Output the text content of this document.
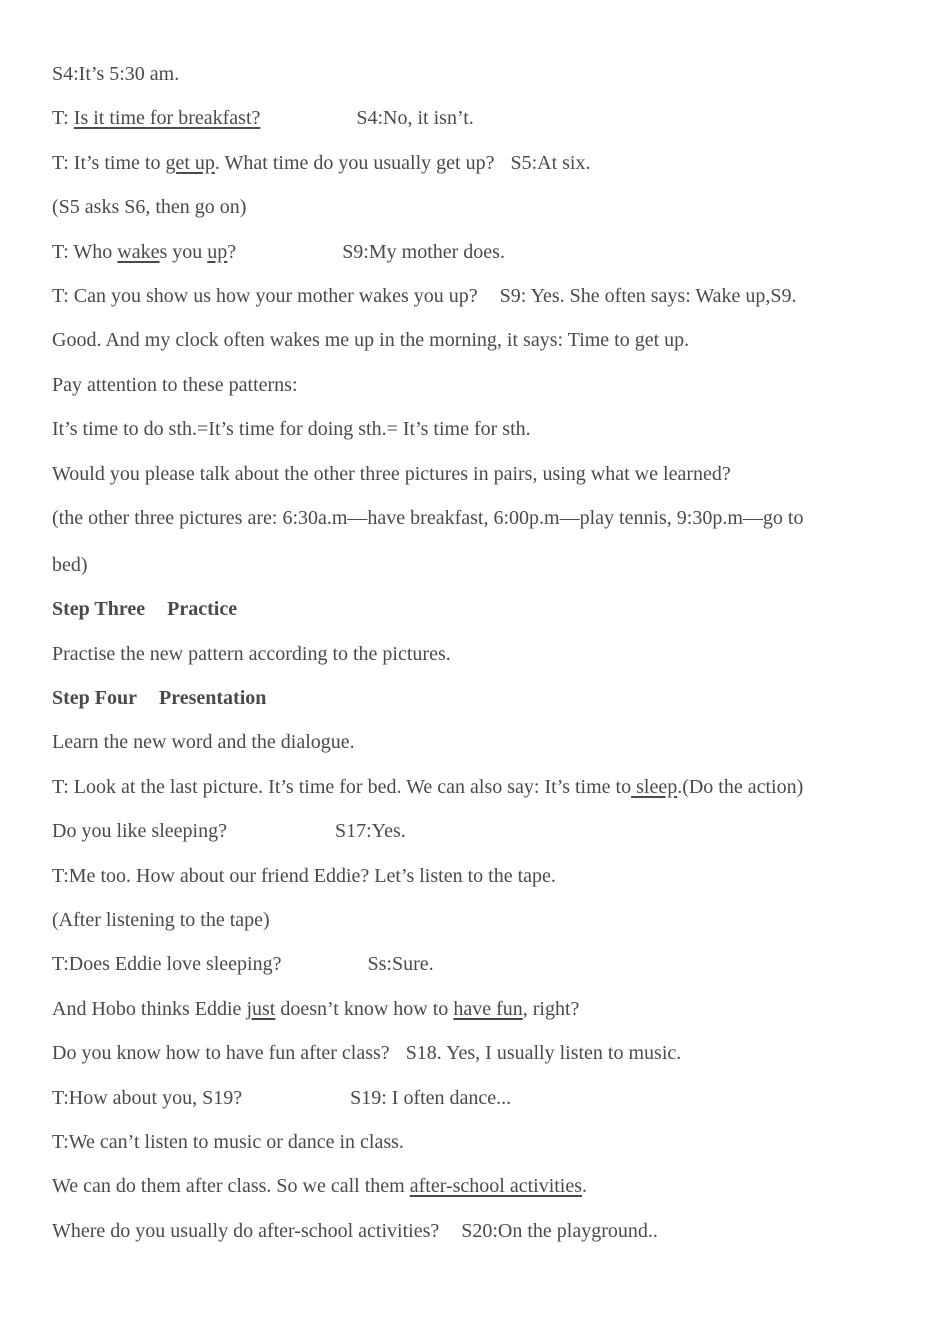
S4:It’s 5:30 am.
T: Is it time for breakfast?	S4:No, it isn’t.
T: It’s time to get up. What time do you usually get up? S5:At six.
(S5 asks S6, then go on)
T: Who wakes you up?	S9:My mother does.
T: Can you show us how your mother wakes you up? S9: Yes. She often says: Wake up,S9.
Good. And my clock often wakes me up in the morning, it says: Time to get up.
Pay attention to these patterns:
It’s time to do sth.=It’s time for doing sth.= It’s time for sth.
Would you please talk about the other three pictures in pairs, using what we learned?
(the other three pictures are: 6:30a.m—have breakfast, 6:00p.m—play tennis, 9:30p.m—go to
bed)
Step Three Practice
Practise the new pattern according to the pictures.
Step Four Presentation
Learn the new word and the dialogue.
T: Look at the last picture. It’s time for bed. We can also say: It’s time to sleep.(Do the action)
Do you like sleeping?	S17:Yes.
T:Me too. How about our friend Eddie? Let’s listen to the tape.
(After listening to the tape)
T:Does Eddie love sleeping?	Ss:Sure.
And Hobo thinks Eddie just doesn’t know how to have fun, right?
Do you know how to have fun after class? S18. Yes, I usually listen to music.
T:How about you, S19?	S19: I often dance...
T:We can’t listen to music or dance in class.
We can do them after class. So we call them after-school activities.
Where do you usually do after-school activities? S20:On the playground..
